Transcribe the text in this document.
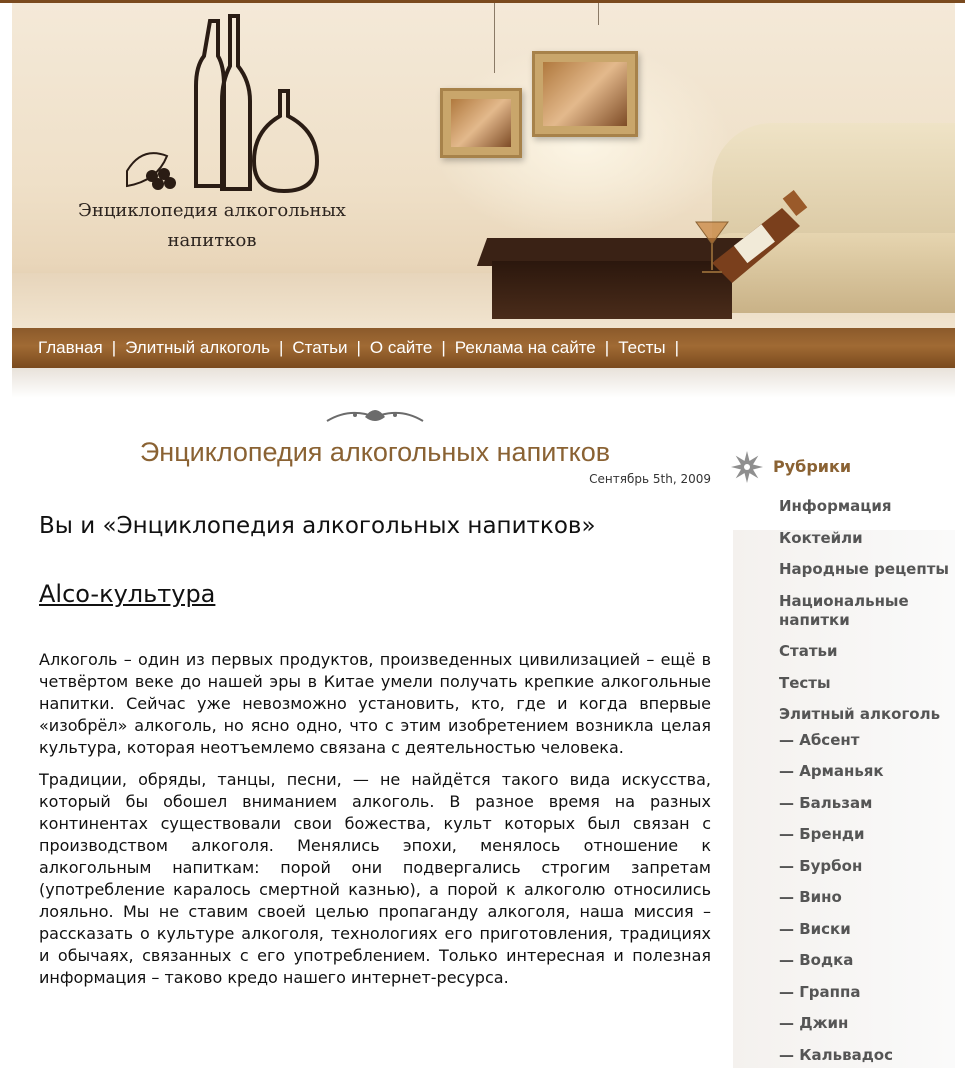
Энциклопедия алкогольных
напитков
Главная | Элитный алкоголь | Статьи | О сайте | Реклама на сайте | Тесты |
Энциклопедия алкогольных напитков
Сентябрь 5th, 2009
Вы и «Энциклопедия алкогольных напитков»
Alco-культура

Алкоголь – один из первых продуктов, произведенных цивилизацией – ещё в четвёртом веке до нашей эры в Китае умели получать крепкие алкогольные напитки. Сейчас уже невозможно установить, кто, где и когда впервые «изобрёл» алкоголь, но ясно одно, что с этим изобретением возникла целая культура, которая неотъемлемо связана с деятельностью человека.

Традиции, обряды, танцы, песни, — не найдётся такого вида искусства, который бы обошел вниманием алкоголь. В разное время на разных континентах существовали свои божества, культ которых был связан с производством алкоголя. Менялись эпохи, менялось отношение к алкогольным напиткам: порой они подвергались строгим запретам (употребление каралось смертной казнью), а порой к алкоголю относились лояльно. Мы не ставим своей целью пропаганду алкоголя, наша миссия – рассказать о культуре алкоголя, технологиях его приготовления, традициях и обычаях, связанных с его употреблением. Только интересная и полезная информация – таково кредо нашего интернет-ресурса.

Рубрики
Информация
Коктейли
Народные рецепты
Национальные напитки
Статьи
Тесты
Элитный алкоголь
— Абсент
— Арманьяк
— Бальзам
— Бренди
— Бурбон
— Вино
— Виски
— Водка
— Граппа
— Джин
— Кальвадос
